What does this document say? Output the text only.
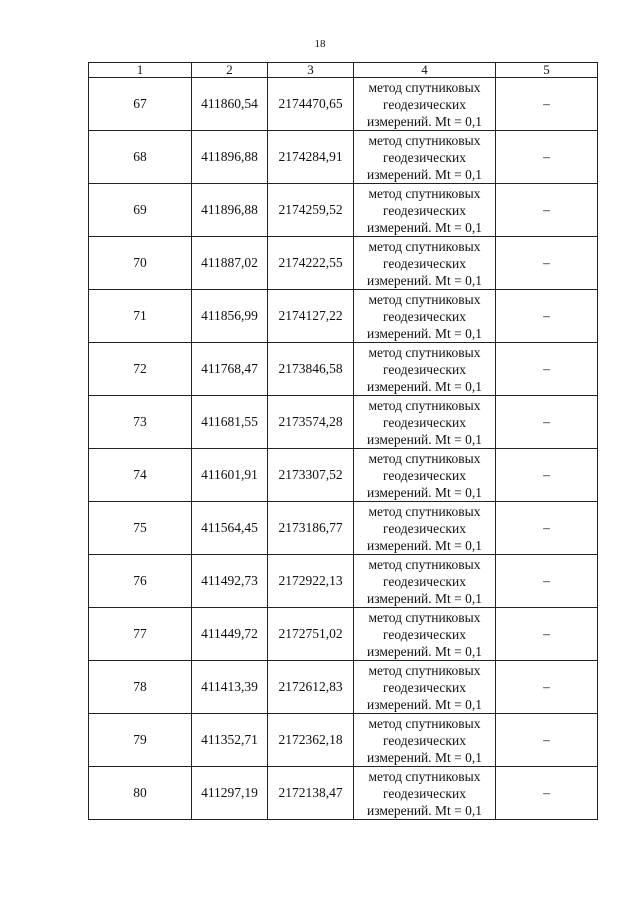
18
1	2	3	4	5
67	411860,54	2174470,65	метод спутниковых
геодезических
измерений. Mt = 0,1	–
68	411896,88	2174284,91	метод спутниковых
геодезических
измерений. Mt = 0,1	–
69	411896,88	2174259,52	метод спутниковых
геодезических
измерений. Mt = 0,1	–
70	411887,02	2174222,55	метод спутниковых
геодезических
измерений. Mt = 0,1	–
71	411856,99	2174127,22	метод спутниковых
геодезических
измерений. Mt = 0,1	–
72	411768,47	2173846,58	метод спутниковых
геодезических
измерений. Mt = 0,1	–
73	411681,55	2173574,28	метод спутниковых
геодезических
измерений. Mt = 0,1	–
74	411601,91	2173307,52	метод спутниковых
геодезических
измерений. Mt = 0,1	–
75	411564,45	2173186,77	метод спутниковых
геодезических
измерений. Mt = 0,1	–
76	411492,73	2172922,13	метод спутниковых
геодезических
измерений. Mt = 0,1	–
77	411449,72	2172751,02	метод спутниковых
геодезических
измерений. Mt = 0,1	–
78	411413,39	2172612,83	метод спутниковых
геодезических
измерений. Mt = 0,1	–
79	411352,71	2172362,18	метод спутниковых
геодезических
измерений. Mt = 0,1	–
80	411297,19	2172138,47	метод спутниковых
геодезических
измерений. Mt = 0,1	–
